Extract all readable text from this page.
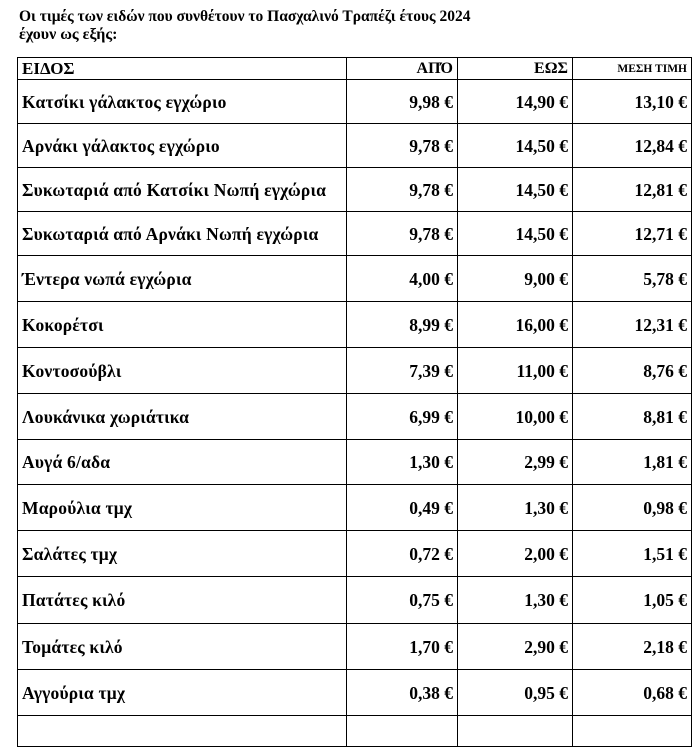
Οι τιμές των ειδών που συνθέτουν το Πασχαλινό Τραπέζι έτους 2024
έχουν ως εξής:
ΕΙΔΟΣ	ΑΠΌ	ΕΩΣ	ΜΕΣΗ ΤΙΜΗ
Κατσίκι γάλακτος εγχώριο	9,98 €	14,90 €	13,10 €
Αρνάκι γάλακτος εγχώριο	9,78 €	14,50 €	12,84 €
Συκωταριά από Κατσίκι Νωπή εγχώρια	9,78 €	14,50 €	12,81 €
Συκωταριά από Αρνάκι Νωπή εγχώρια	9,78 €	14,50 €	12,71 €
Έντερα νωπά εγχώρια	4,00 €	9,00 €	5,78 €
Κοκορέτσι	8,99 €	16,00 €	12,31 €
Κοντοσούβλι	7,39 €	11,00 €	8,76 €
Λουκάνικα χωριάτικα	6,99 €	10,00 €	8,81 €
Αυγά 6/αδα	1,30 €	2,99 €	1,81 €
Μαρούλια τμχ	0,49 €	1,30 €	0,98 €
Σαλάτες τμχ	0,72 €	2,00 €	1,51 €
Πατάτες κιλό	0,75 €	1,30 €	1,05 €
Τομάτες κιλό	1,70 €	2,90 €	2,18 €
Αγγούρια τμχ	0,38 €	0,95 €	0,68 €
